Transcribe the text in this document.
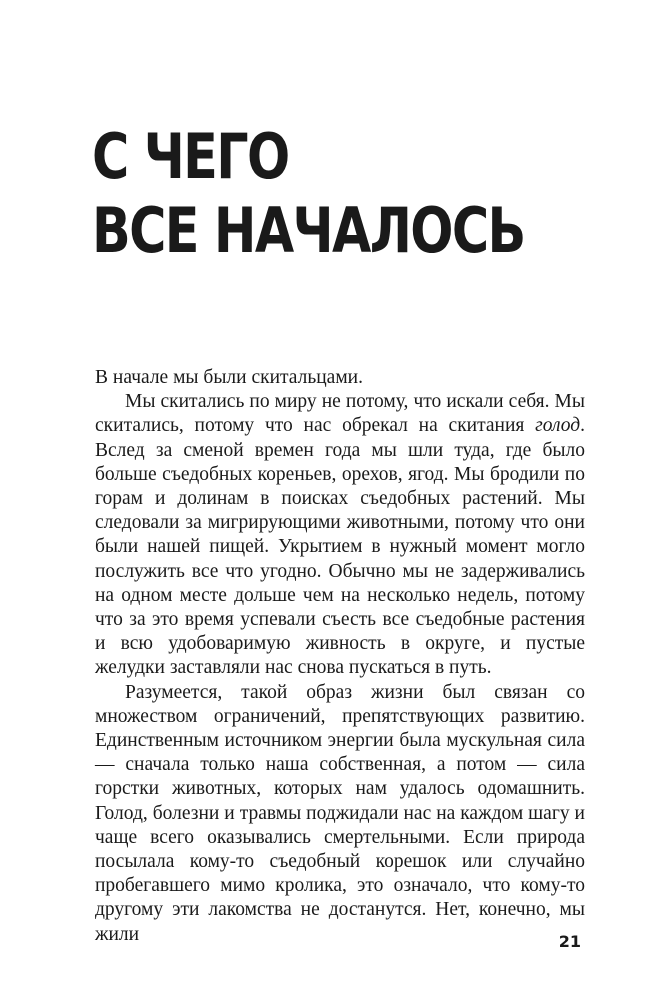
С ЧЕГО
ВСЕ НАЧАЛОСЬ

В начале мы были скитальцами.

Мы скитались по миру не потому, что искали себя. Мы скитались, потому что нас обрекал на скитания голод. Вслед за сменой времен года мы шли туда, где было больше съедобных кореньев, орехов, ягод. Мы бродили по горам и долинам в поисках съедобных растений. Мы следовали за мигрирующими животными, потому что они были нашей пищей. Укрытием в нужный момент могло послужить все что угодно. Обычно мы не задерживались на одном месте дольше чем на несколько недель, потому что за это время успевали съесть все съедобные растения и всю удобоваримую живность в округе, и пустые желудки заставляли нас снова пускаться в путь.

Разумеется, такой образ жизни был связан со множеством ограничений, препятствующих развитию. Единственным источником энергии была мускульная сила — сначала только наша собственная, а потом — сила горстки животных, которых нам удалось одомашнить. Голод, болезни и травмы поджидали нас на каждом шагу и чаще всего оказывались смертельными. Если природа посылала кому-то съедобный корешок или случайно пробегавшего мимо кролика, это означало, что кому-то другому эти лакомства не достанутся. Нет, конечно, мы жили	21
